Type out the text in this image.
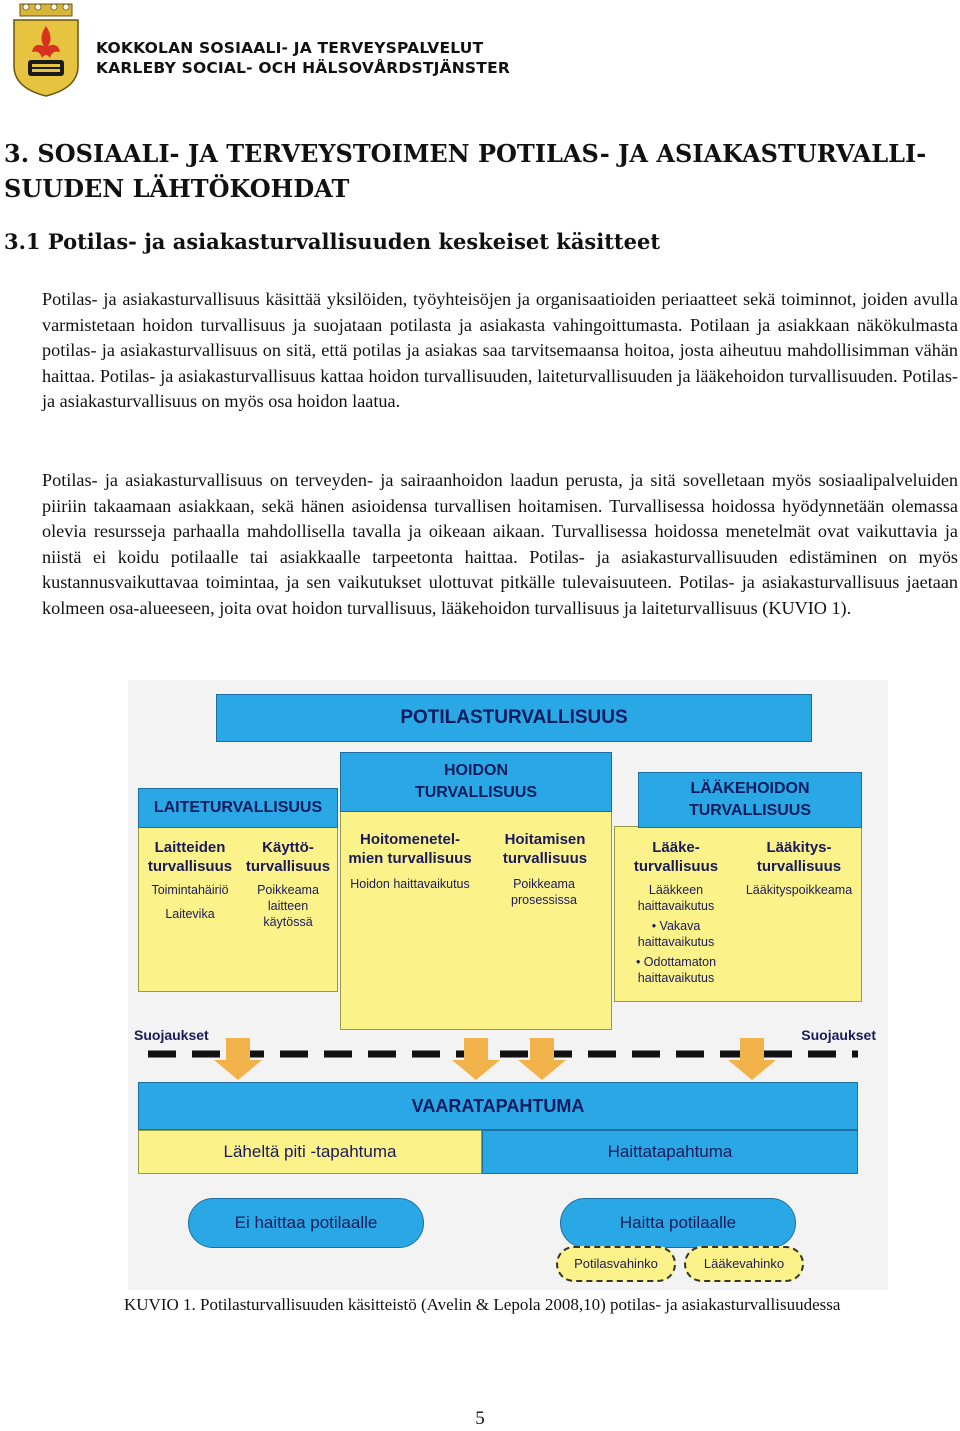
KOKKOLAN SOSIAALI- JA TERVEYSPALVELUT
KARLEBY SOCIAL- OCH HÄLSOVÅRDSTJÄNSTER
3. SOSIAALI- JA TERVEYSTOIMEN POTILAS- JA ASIAKASTURVALLISUUDEN LÄHTÖKOHDAT
3.1 Potilas- ja asiakasturvallisuuden keskeiset käsitteet
Potilas- ja asiakasturvallisuus käsittää yksilöiden, työyhteisöjen ja organisaatioiden periaatteet sekä toiminnot, joiden avulla varmistetaan hoidon turvallisuus ja suojataan potilasta ja asiakasta vahingoittumasta. Potilaan ja asiakkaan näkökulmasta potilas- ja asiakasturvallisuus on sitä, että potilas ja asiakas saa tarvitsemaansa hoitoa, josta aiheutuu mahdollisimman vähän haittaa. Potilas- ja asiakasturvallisuus kattaa hoidon turvallisuuden, laiteturvallisuuden ja lääkehoidon turvallisuuden. Potilas- ja asiakasturvallisuus on myös osa hoidon laatua.
Potilas- ja asiakasturvallisuus on terveyden- ja sairaanhoidon laadun perusta, ja sitä sovelletaan myös sosiaalipalveluiden piiriin takaamaan asiakkaan, sekä hänen asioidensa turvallisen hoitamisen. Turvallisessa hoidossa hyödynnetään olemassa olevia resursseja parhaalla mahdollisella tavalla ja oikeaan aikaan. Turvallisessa hoidossa menetelmät ovat vaikuttavia ja niistä ei koidu potilaalle tai asiakkaalle tarpeetonta haittaa. Potilas- ja asiakasturvallisuuden edistäminen on myös kustannusvaikuttavaa toimintaa, ja sen vaikutukset ulottuvat pitkälle tulevaisuuteen. Potilas- ja asiakasturvallisuus jaetaan kolmeen osa-alueeseen, joita ovat hoidon turvallisuus, lääkehoidon turvallisuus ja laiteturvallisuus (KUVIO 1).
POTILASTURVALLISUUS
LAITETURVALLISUUS
Laitteiden turvallisuus
Toimintahäiriö
Laitevika
Käyttö-turvallisuus
Poikkeama laitteen käytössä
HOIDON
TURVALLISUUS
Hoitomenetel-mien turvallisuus
Hoidon haittavaikutus
Hoitamisen turvallisuus
Poikkeama prosessissa
LÄÄKEHOIDON
TURVALLISUUS
Lääke-turvallisuus
Lääkkeen haittavaikutus
• Vakava haittavaikutus
• Odottamaton haittavaikutus
Lääkitys-turvallisuus
Lääkityspoikkeama
Suojaukset	Suojaukset
VAARATAPAHTUMA
Läheltä piti -tapahtuma	Haittatapahtuma
Ei haittaa potilaalle	Haitta potilaalle
Potilasvahinko	Lääkevahinko
KUVIO 1. Potilasturvallisuuden käsitteistö (Avelin & Lepola 2008,10) potilas- ja asiakasturvallisuudessa
5
